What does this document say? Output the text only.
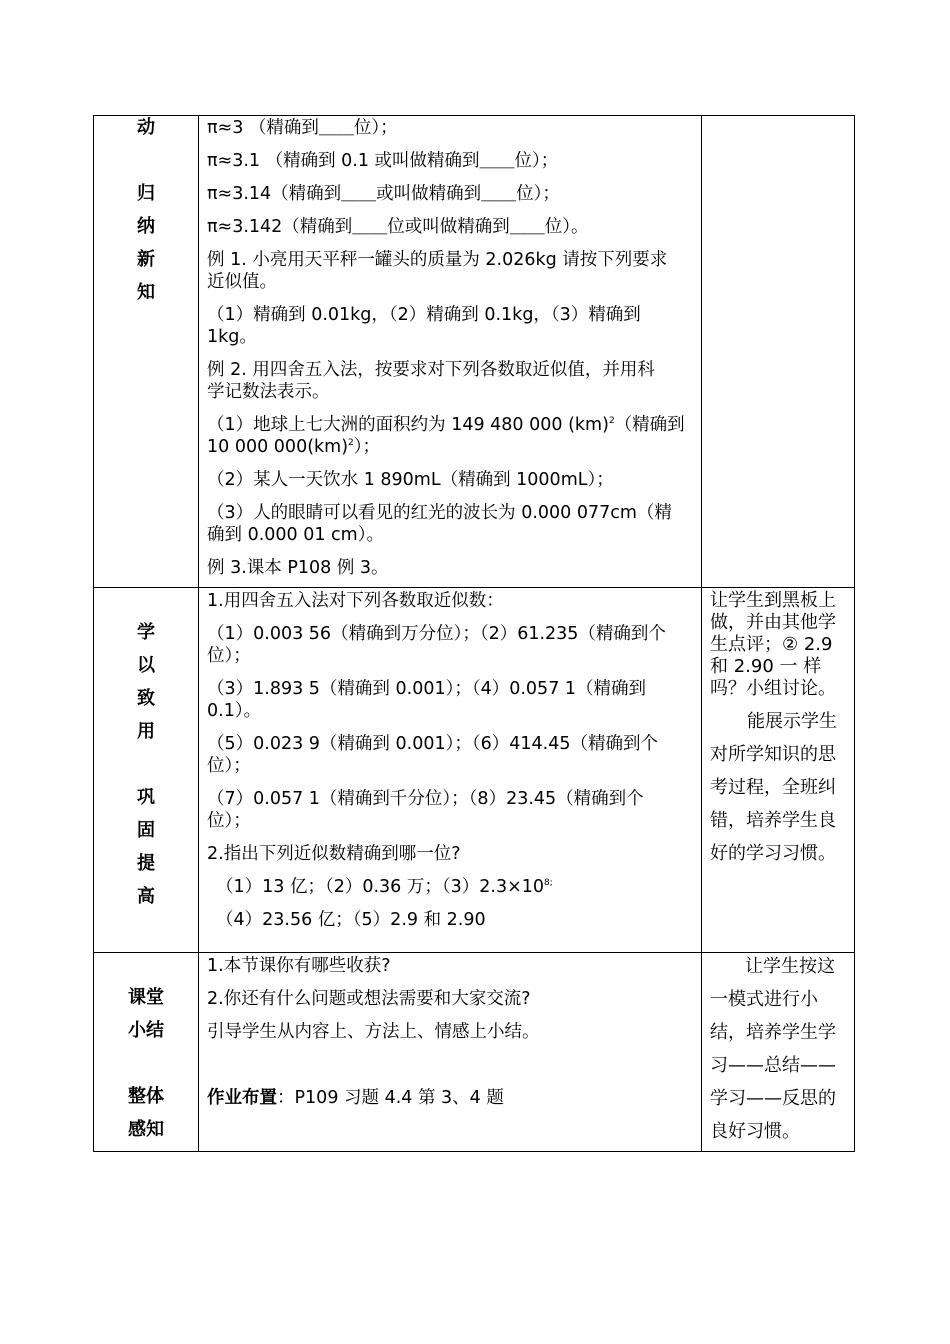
动
归
纳
新
知
π≈3 （精确到＿＿位）；
π≈3.1 （精确到 0.1 或叫做精确到＿＿位）；
π≈3.14（精确到＿＿或叫做精确到＿＿位）；
π≈3.142（精确到＿＿位或叫做精确到＿＿位）。
例 1. 小亮用天平秤一罐头的质量为 2.026kg 请按下列要求
近似值。
（1）精确到 0.01kg，（2）精确到 0.1kg，（3）精确到
1kg。
例 2. 用四舍五入法，按要求对下列各数取近似值，并用科
学记数法表示。
（1）地球上七大洲的面积约为 149 480 000 (km)$^2$（精确到
10 000 000(km)$^2$）；
（2）某人一天饮水 1 890mL（精确到 1000mL）；
（3）人的眼睛可以看见的红光的波长为 0.000 077cm（精
确到 0.000 01 cm）。
例 3.课本 P108 例 3。
学
以
致
用
巩
固
提
高
1.用四舍五入法对下列各数取近似数：
（1）0.003 56（精确到万分位）；（2）61.235（精确到个
位）；
（3）1.893 5（精确到 0.001）；（4）0.057 1（精确到
0.1）。
（5）0.023 9（精确到 0.001）；（6）414.45（精确到个
位）；
（7）0.057 1（精确到千分位）；（8）23.45（精确到个
位）；
2.指出下列近似数精确到哪一位?
（1）13 亿；（2）0.36 万；$(3)2.3\times 10^{8;}$
（4）23.56 亿；（5）2.9 和 2.90
让学生到黑板上
做，并由其他学
生点评；② 2.9
和 2.90 一 样
吗？小组讨论。
能展示学生
对所学知识的思
考过程，全班纠
错，培养学生良
好的学习习惯。
课堂
小结
整体
感知
1.本节课你有哪些收获?
2.你还有什么问题或想法需要和大家交流?
引导学生从内容上、方法上、情感上小结。
作业布置：P109 习题 4.4 第 3、4 题
让学生按这
一模式进行小
结，培养学生学
习——总结——
学习——反思的
良好习惯。
